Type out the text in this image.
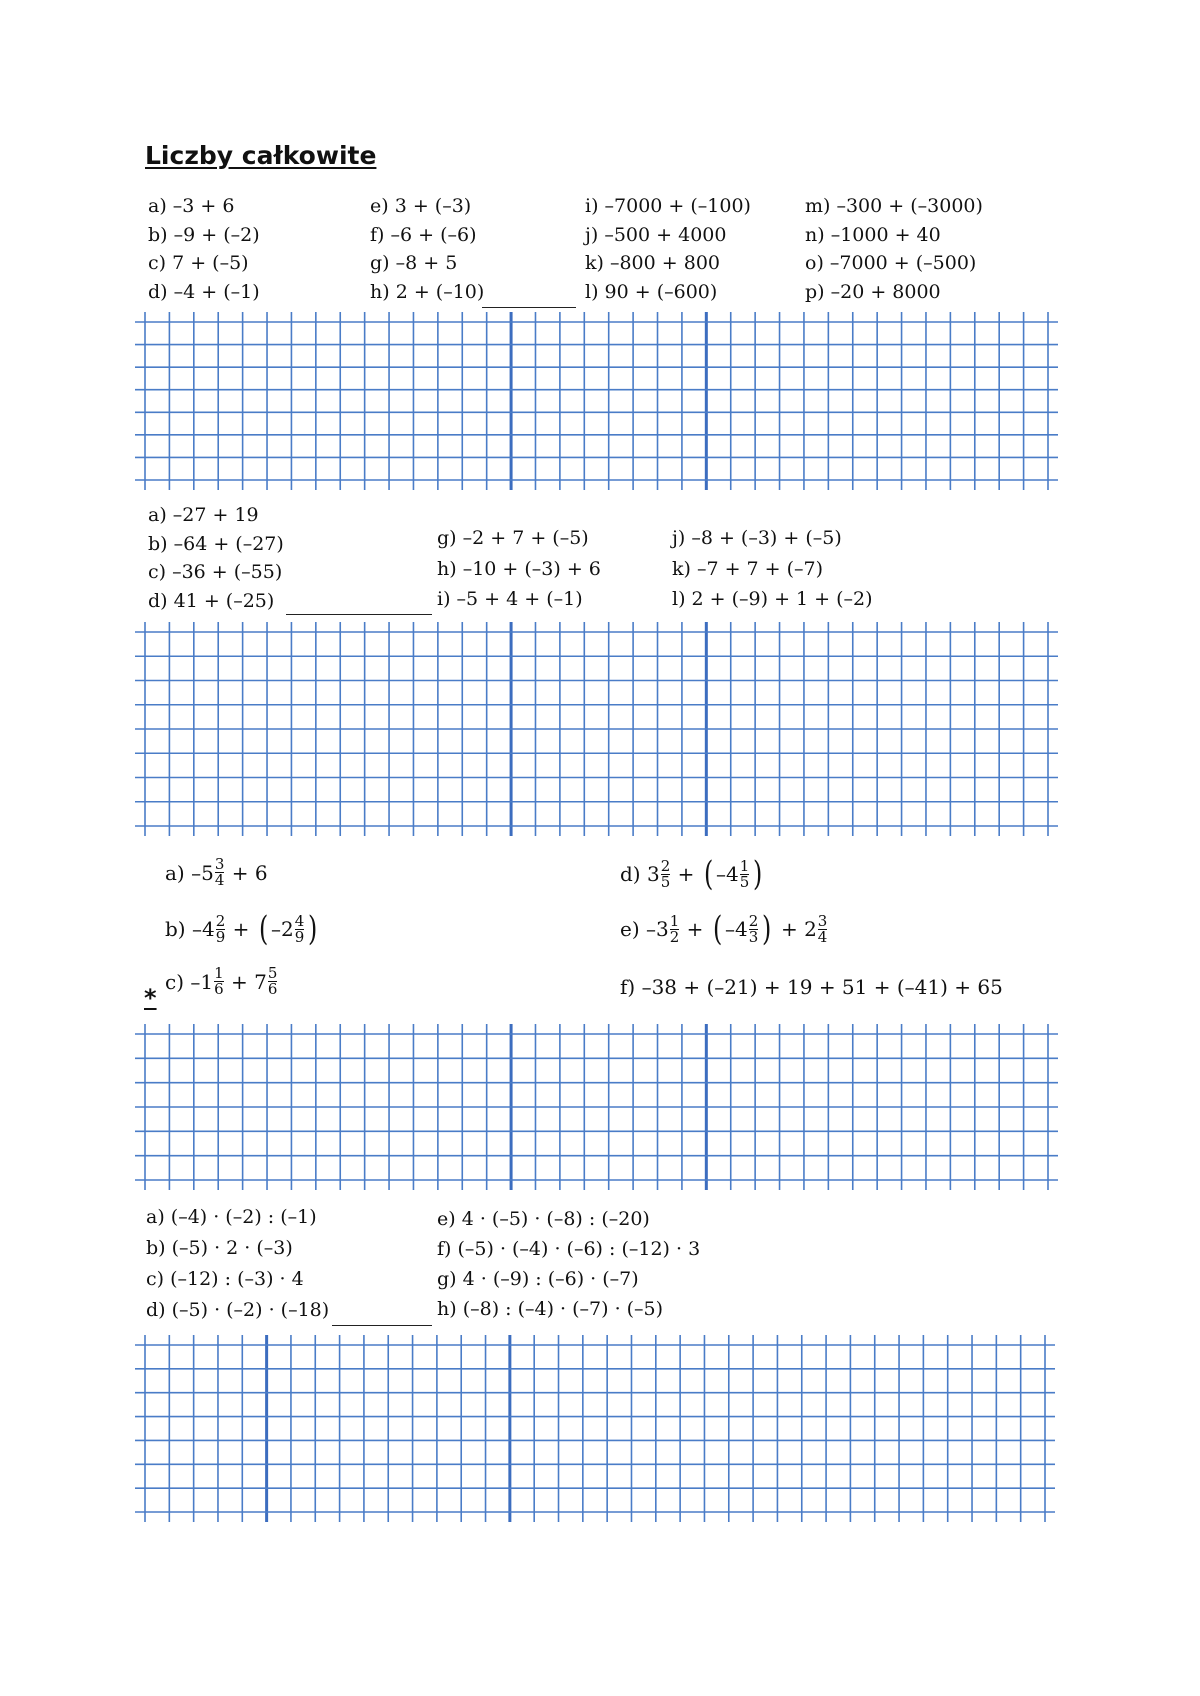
Liczby całkowite
a) –3 + 6
b) –9 + (–2)
c) 7 + (–5)
d) –4 + (–1)
e) 3 + (–3)
f) –6 + (–6)
g) –8 + 5
h) 2 + (–10)
i) –7000 + (–100)
j) –500 + 4000
k) –800 + 800
l) 90 + (–600)
m) –300 + (–3000)
n) –1000 + 40
o) –7000 + (–500)
p) –20 + 8000
a) –27 + 19
b) –64 + (–27)
c) –36 + (–55)
d) 41 + (–25)
g) –2 + 7 + (–5)
h) –10 + (–3) + 6
i) –5 + 4 + (–1)
j) –8 + (–3) + (–5)
k) –7 + 7 + (–7)
l) 2 + (–9) + 1 + (–2)
a)
$-5 \frac{3}{4}$
+ 6
b)
$-4 \frac{2}{9}$
+
( $-2 \frac{4}{9}$ )
*
c)
$-1 \frac{1}{6}$
+
$7 \frac{5}{6}$
d)
$3 \frac{2}{5}$
+
( $-4 \frac{1}{5}$ )
e)
$-3 \frac{1}{2}$
+
( $-4 \frac{2}{3}$ )
+
$2 \frac{3}{4}$
f) –38 + (–21) + 19 + 51 + (–41) + 65
a) (–4) · (–2) : (–1)
b) (–5) · 2 · (–3)
c) (–12) : (–3) · 4
d) (–5) · (–2) · (–18)
e) 4 · (–5) · (–8) : (–20)
f) (–5) · (–4) · (–6) : (–12) · 3
g) 4 · (–9) : (–6) · (–7)
h) (–8) : (–4) · (–7) · (–5)
